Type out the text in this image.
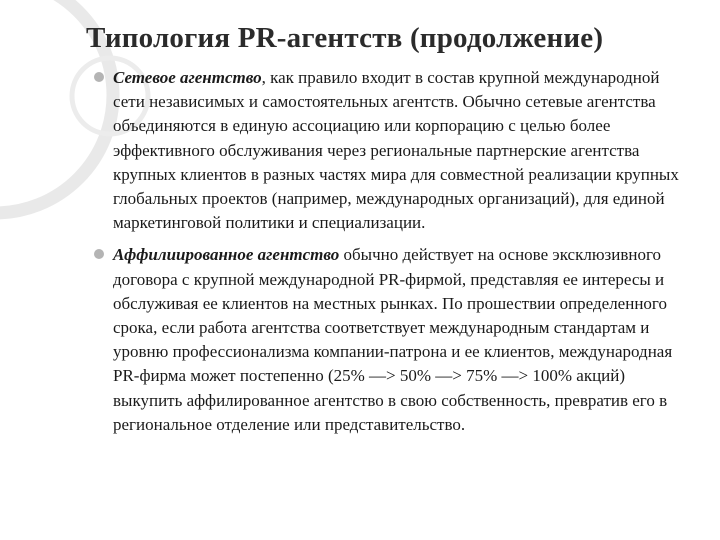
Типология PR-агентств (продолжение)
Сетевое агентство, как правило входит в состав крупной международной сети независимых и самостоятельных агентств. Обычно сетевые агентства объединяются в единую ассоциацию или корпорацию с целью более эффективного обслуживания через региональные партнерские агентства крупных клиентов в разных частях мира для совместной реализации крупных глобальных проектов (например, международных организаций), для единой маркетинговой политики и специализации.
Аффилиированное агентство обычно действует на основе эксклюзивного договора с крупной международной PR-фирмой, представляя ее интересы и обслуживая ее клиентов на местных рынках. По прошествии определенного срока, если работа агентства соответствует международным стандартам и уровню профессионализма компании-патрона и ее клиентов, международная PR-фирма может постепенно (25% —> 50% —> 75% —> 100% акций) выкупить аффилированное агентство в свою собственность, превратив его в региональное отделение или представительство.
